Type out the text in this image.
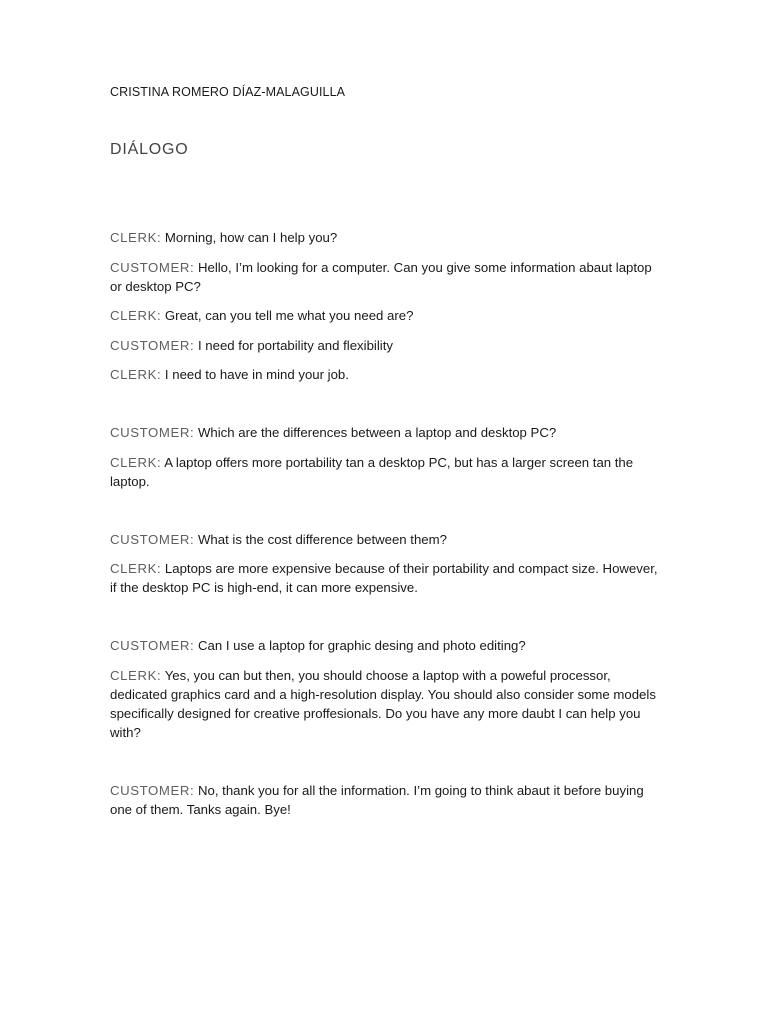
CRISTINA ROMERO DÍAZ-MALAGUILLA
DIÁLOGO

CLERK: Morning, how can I help you?

CUSTOMER: Hello, I’m looking for a computer. Can you give some information abaut laptop or desktop PC?

CLERK: Great, can you tell me what you need are?

CUSTOMER: I need for portability and flexibility

CLERK: I need to have in mind your job.

CUSTOMER: Which are the differences between a laptop and desktop PC?

CLERK: A laptop offers more portability tan a desktop PC, but has a larger screen tan the laptop.

CUSTOMER: What is the cost difference between them?

CLERK: Laptops are more expensive because of their portability and compact size. However, if the desktop PC is high-end, it can more expensive.

CUSTOMER: Can I use a laptop for graphic desing and photo editing?

CLERK: Yes, you can but then, you should choose a laptop with a poweful processor, dedicated graphics card and a high-resolution display. You should also consider some models specifically designed for creative proffesionals. Do you have any more daubt I can help you with?

CUSTOMER: No, thank you for all the information. I’m going to think abaut it before buying one of them. Tanks again. Bye!
